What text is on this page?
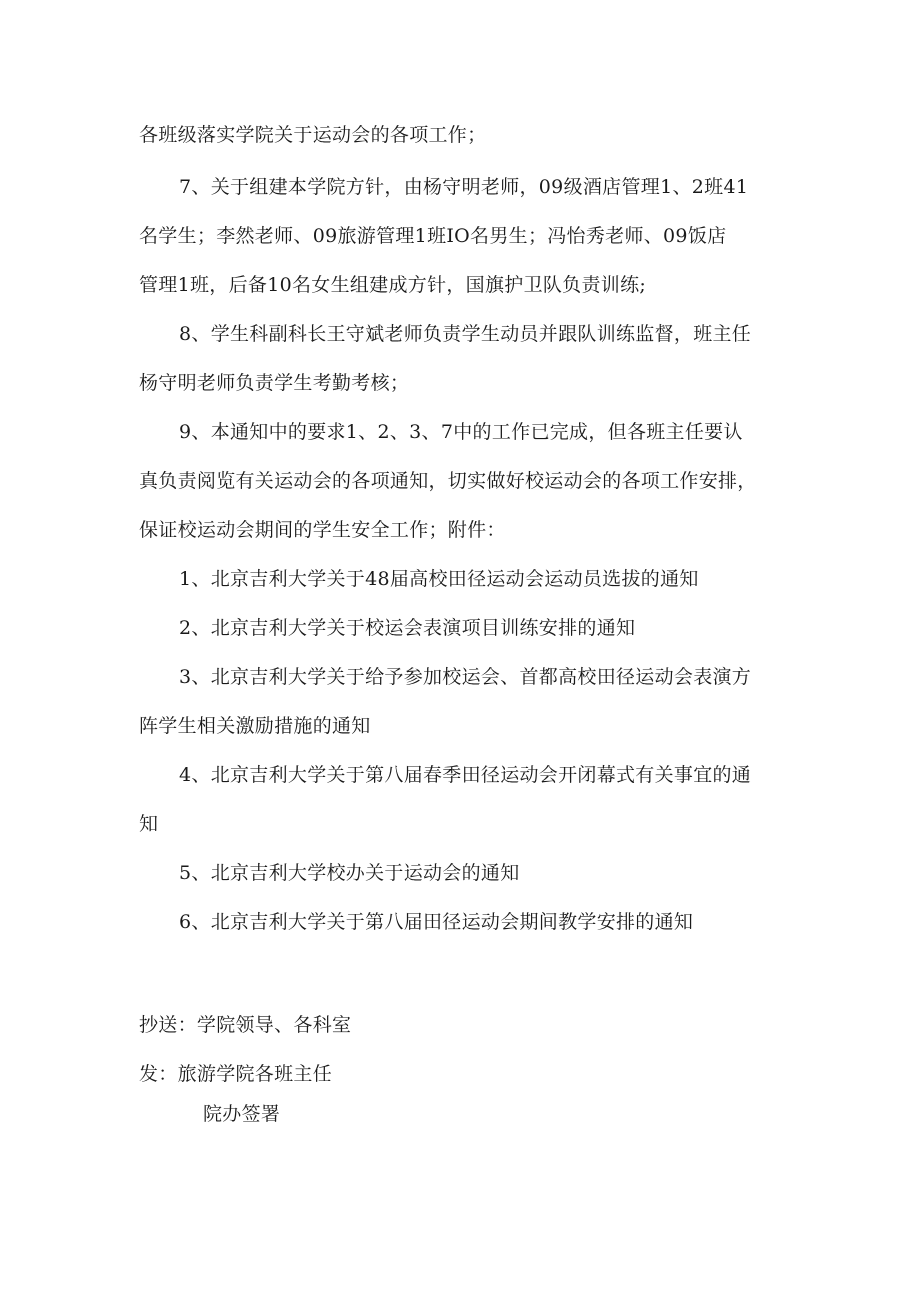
各班级落实学院关于运动会的各项工作；
7、关于组建本学院方针，由杨守明老师，09级酒店管理1、2班41
名学生；李然老师、09旅游管理1班IO名男生；冯怡秀老师、09饭店
管理1班，后备10名女生组建成方针，国旗护卫队负责训练;
8、学生科副科长王守斌老师负责学生动员并跟队训练监督，班主任
杨守明老师负责学生考勤考核；
9、本通知中的要求1、2、3、7中的工作已完成，但各班主任要认
真负责阅览有关运动会的各项通知，切实做好校运动会的各项工作安排，
保证校运动会期间的学生安全工作；附件：
1、北京吉利大学关于48届高校田径运动会运动员选拔的通知
2、北京吉利大学关于校运会表演项目训练安排的通知
3、北京吉利大学关于给予参加校运会、首都高校田径运动会表演方
阵学生相关激励措施的通知
4、北京吉利大学关于第八届春季田径运动会开闭幕式有关事宜的通
知
5、北京吉利大学校办关于运动会的通知
6、北京吉利大学关于第八届田径运动会期间教学安排的通知
抄送：学院领导、各科室
发：旅游学院各班主任
院办签署
